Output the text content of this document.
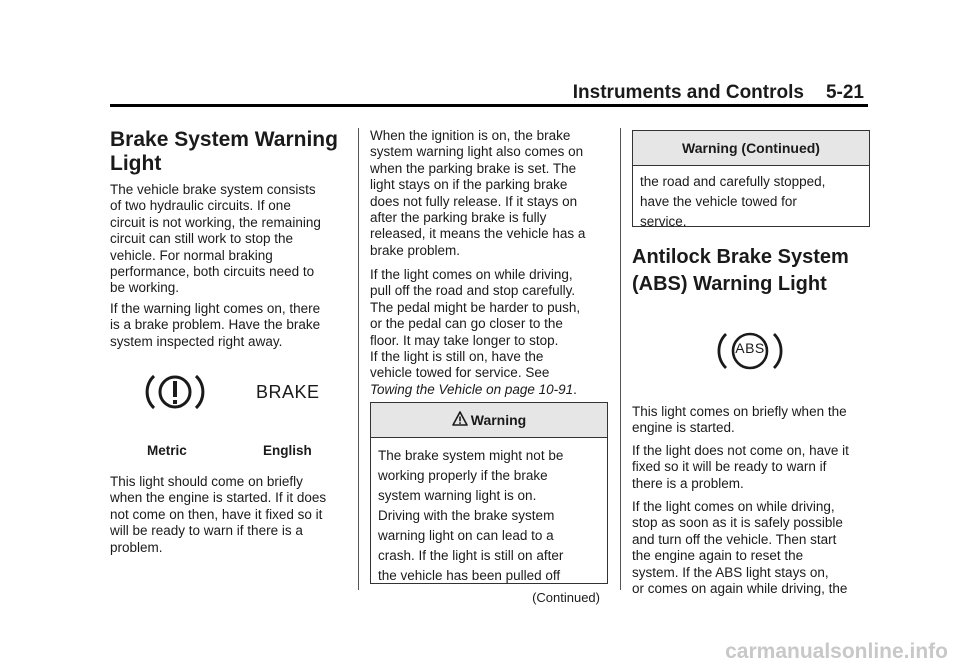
Instruments and Controls 5-21
Brake System Warning
Light

The vehicle brake system consists
of two hydraulic circuits. If one
circuit is not working, the remaining
circuit can still work to stop the
vehicle. For normal braking
performance, both circuits need to
be working.

If the warning light comes on, there
is a brake problem. Have the brake
system inspected right away.

BRAKE
Metric	English

This light should come on briefly
when the engine is started. If it does
not come on then, have it fixed so it
will be ready to warn if there is a
problem.

When the ignition is on, the brake
system warning light also comes on
when the parking brake is set. The
light stays on if the parking brake
does not fully release. If it stays on
after the parking brake is fully
released, it means the vehicle has a
brake problem.

If the light comes on while driving,
pull off the road and stop carefully.
The pedal might be harder to push,
or the pedal can go closer to the
floor. It may take longer to stop.
If the light is still on, have the
vehicle towed for service. See
Towing the Vehicle on page 10-91.

Warning
The brake system might not be
working properly if the brake
system warning light is on.
Driving with the brake system
warning light on can lead to a
crash. If the light is still on after
the vehicle has been pulled off
(Continued)
Warning (Continued)
the road and carefully stopped,
have the vehicle towed for
service.
Antilock Brake System
(ABS) Warning Light
ABS

This light comes on briefly when the
engine is started.

If the light does not come on, have it
fixed so it will be ready to warn if
there is a problem.

If the light comes on while driving,
stop as soon as it is safely possible
and turn off the vehicle. Then start
the engine again to reset the
system. If the ABS light stays on,
or comes on again while driving, the

carmanualsonline.info
